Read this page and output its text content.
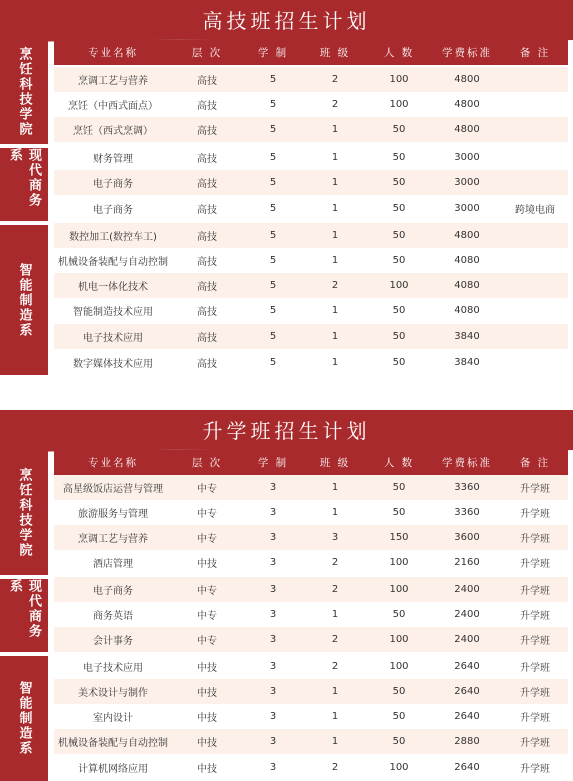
高技班招生计划
专业名称	层 次	学 制	班 级	人 数	学费标准	备 注
烹饪科技学院
现代商务系
智能制造系
烹调工艺与营养	高技	5	2	100	4800
烹饪（中西式面点）	高技	5	2	100	4800
烹饪（西式烹调）	高技	5	1	50	4800
财务管理	高技	5	1	50	3000
电子商务	高技	5	1	50	3000
电子商务	高技	5	1	50	3000	跨境电商
数控加工(数控车工)	高技	5	1	50	4800
机械设备装配与自动控制	高技	5	1	50	4080
机电一体化技术	高技	5	2	100	4080
智能制造技术应用	高技	5	1	50	4080
电子技术应用	高技	5	1	50	3840
数字媒体技术应用	高技	5	1	50	3840
升学班招生计划
专业名称	层 次	学 制	班 级	人 数	学费标准	备 注
烹饪科技学院
现代商务系
智能制造系
高星级饭店运营与管理	中专	3	1	50	3360	升学班
旅游服务与管理	中专	3	1	50	3360	升学班
烹调工艺与营养	中专	3	3	150	3600	升学班
酒店管理	中技	3	2	100	2160	升学班
电子商务	中专	3	2	100	2400	升学班
商务英语	中专	3	1	50	2400	升学班
会计事务	中专	3	2	100	2400	升学班
电子技术应用	中技	3	2	100	2640	升学班
美术设计与制作	中技	3	1	50	2640	升学班
室内设计	中技	3	1	50	2640	升学班
机械设备装配与自动控制	中技	3	1	50	2880	升学班
计算机网络应用	中技	3	2	100	2640	升学班
